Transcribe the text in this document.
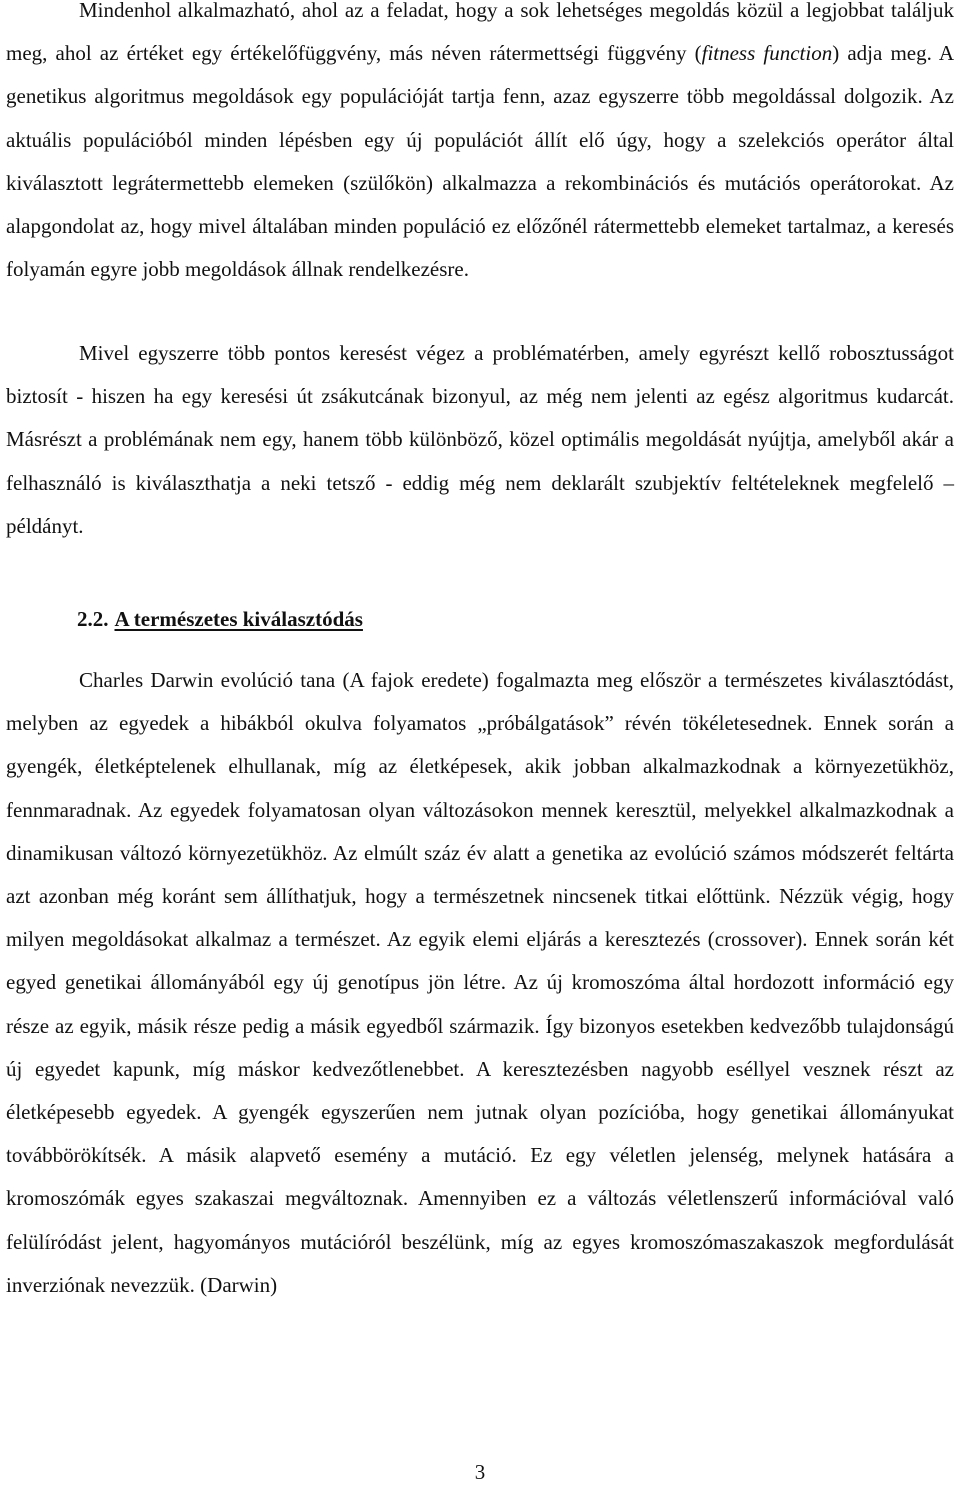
Mindenhol alkalmazható, ahol az a feladat, hogy a sok lehetséges megoldás közül a legjobbat találjuk meg, ahol az értéket egy értékelőfüggvény, más néven rátermettségi függvény (fitness function) adja meg. A genetikus algoritmus megoldások egy populációját tartja fenn, azaz egyszerre több megoldással dolgozik. Az aktuális populációból minden lépésben egy új populációt állít elő úgy, hogy a szelekciós operátor által kiválasztott legrátermettebb elemeken (szülőkön) alkalmazza a rekombinációs és mutációs operátorokat. Az alapgondolat az, hogy mivel általában minden populáció ez előzőnél rátermettebb elemeket tartalmaz, a keresés folyamán egyre jobb megoldások állnak rendelkezésre.

Mivel egyszerre több pontos keresést végez a problématérben, amely egyrészt kellő robosztusságot biztosít - hiszen ha egy keresési út zsákutcának bizonyul, az még nem jelenti az egész algoritmus kudarcát. Másrészt a problémának nem egy, hanem több különböző, közel optimális megoldását nyújtja, amelyből akár a felhasználó is kiválaszthatja a neki tetsző - eddig még nem deklarált szubjektív feltételeknek megfelelő – példányt.

2.2. A természetes kiválasztódás

Charles Darwin evolúció tana (A fajok eredete) fogalmazta meg először a természetes kiválasztódást, melyben az egyedek a hibákból okulva folyamatos „próbálgatások” révén tökéletesednek. Ennek során a gyengék, életképtelenek elhullanak, míg az életképesek, akik jobban alkalmazkodnak a környezetükhöz, fennmaradnak. Az egyedek folyamatosan olyan változásokon mennek keresztül, melyekkel alkalmazkodnak a dinamikusan változó környezetükhöz. Az elmúlt száz év alatt a genetika az evolúció számos módszerét feltárta azt azonban még koránt sem állíthatjuk, hogy a természetnek nincsenek titkai előttünk. Nézzük végig, hogy milyen megoldásokat alkalmaz a természet. Az egyik elemi eljárás a keresztezés (crossover). Ennek során két egyed genetikai állományából egy új genotípus jön létre. Az új kromoszóma által hordozott információ egy része az egyik, másik része pedig a másik egyedből származik. Így bizonyos esetekben kedvezőbb tulajdonságú új egyedet kapunk, míg máskor kedvezőtlenebbet. A keresztezésben nagyobb eséllyel vesznek részt az életképesebb egyedek. A gyengék egyszerűen nem jutnak olyan pozícióba, hogy genetikai állományukat továbbörökítsék. A másik alapvető esemény a mutáció. Ez egy véletlen jelenség, melynek hatására a kromoszómák egyes szakaszai megváltoznak. Amennyiben ez a változás véletlenszerű információval való felülíródást jelent, hagyományos mutációról beszélünk, míg az egyes kromoszómaszakaszok megfordulását inverziónak nevezzük. (Darwin)

3
